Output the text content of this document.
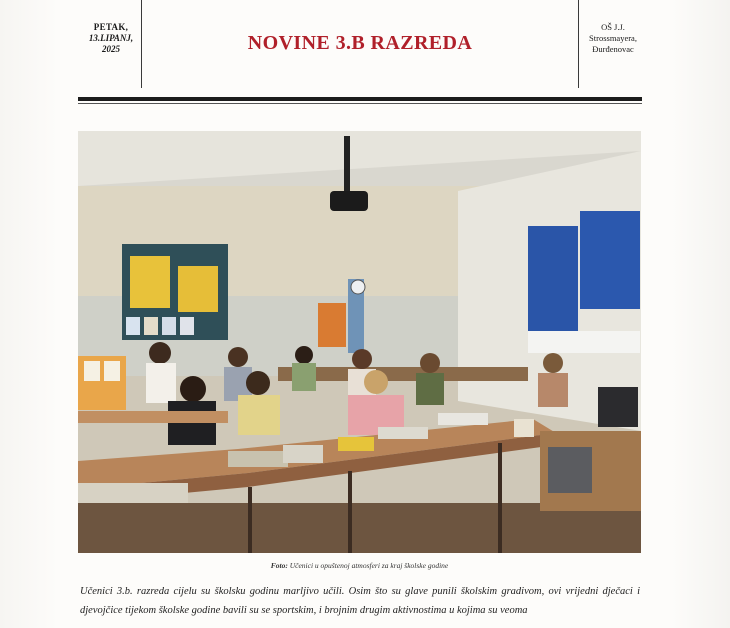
PETAK,
13.LIPANJ,
2025	NOVINE 3.B RAZREDA
OŠ J.J.
Strossmayera,
Đurđenovac
Foto: Učenici u opuštenoj atmosferi za kraj školske godine
Učenici 3.b. razreda cijelu su školsku godinu marljivo učili. Osim što su glave punili školskim gradivom, ovi vrijedni dječaci i djevojčice tijekom školske godine bavili su se sportskim, i brojnim drugim aktivnostima u kojima su veoma
